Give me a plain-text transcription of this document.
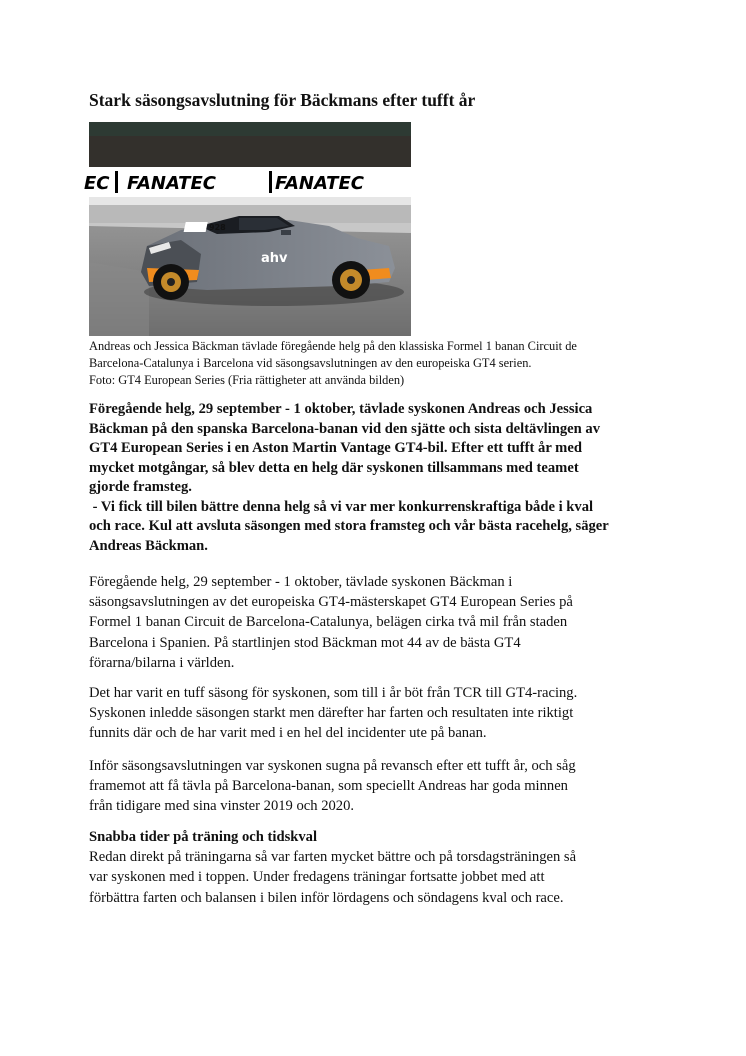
Stark säsongsavslutning för Bäckmans efter tufft år
EC FANATEC	FANATEC
928
ahv
Andreas och Jessica Bäckman tävlade föregående helg på den klassiska Formel 1 banan Circuit de
Barcelona-Catalunya i Barcelona vid säsongsavslutningen av den europeiska GT4 serien.
Foto: GT4 European Series (Fria rättigheter att använda bilden)
Föregående helg, 29 september - 1 oktober, tävlade syskonen Andreas och Jessica
Bäckman på den spanska Barcelona-banan vid den sjätte och sista deltävlingen av
GT4 European Series i en Aston Martin Vantage GT4-bil. Efter ett tufft år med
mycket motgångar, så blev detta en helg där syskonen tillsammans med teamet
gjorde framsteg.
- Vi fick till bilen bättre denna helg så vi var mer konkurrenskraftiga både i kval
och race. Kul att avsluta säsongen med stora framsteg och vår bästa racehelg, säger
Andreas Bäckman.
Föregående helg, 29 september - 1 oktober, tävlade syskonen Bäckman i
säsongsavslutningen av det europeiska GT4-mästerskapet GT4 European Series på
Formel 1 banan Circuit de Barcelona-Catalunya, belägen cirka två mil från staden
Barcelona i Spanien. På startlinjen stod Bäckman mot 44 av de bästa GT4
förarna/bilarna i världen.
Det har varit en tuff säsong för syskonen, som till i år böt från TCR till GT4-racing.
Syskonen inledde säsongen starkt men därefter har farten och resultaten inte riktigt
funnits där och de har varit med i en hel del incidenter ute på banan.
Inför säsongsavslutningen var syskonen sugna på revansch efter ett tufft år, och såg
framemot att få tävla på Barcelona-banan, som speciellt Andreas har goda minnen
från tidigare med sina vinster 2019 och 2020.
Snabba tider på träning och tidskval
Redan direkt på träningarna så var farten mycket bättre och på torsdagsträningen så
var syskonen med i toppen. Under fredagens träningar fortsatte jobbet med att
förbättra farten och balansen i bilen inför lördagens och söndagens kval och race.
